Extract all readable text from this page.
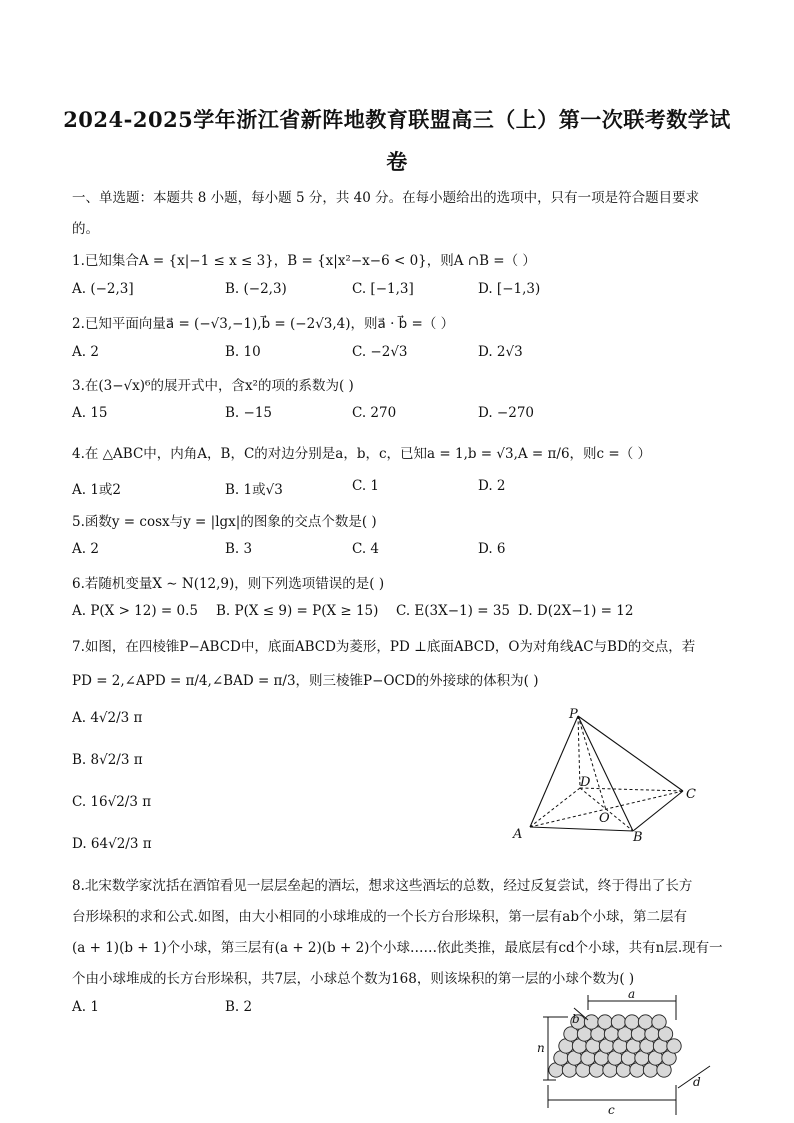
2024-2025学年浙江省新阵地教育联盟高三（上）第一次联考数学试
卷
一、单选题：本题共 8 小题，每小题 5 分，共 40 分。在每小题给出的选项中，只有一项是符合题目要求
的。
1.已知集合A = {x|−1 ≤ x ≤ 3}，B = {x|x²−x−6 < 0}，则A ∩B =（ ）
A. (−2,3]	B. (−2,3)	C. [−1,3]	D. [−1,3)
2.已知平面向量a⃗ = (−√3,−1),b⃗ = (−2√3,4)，则a⃗ · b⃗ =（ ）
A. 2	B. 10	C. −2√3	D. 2√3
3.在(3−√x)⁶的展开式中，含x²的项的系数为( )
A. 15	B. −15	C. 270	D. −270
4.在 △ABC中，内角A，B，C的对边分别是a，b，c，已知a = 1,b = √3,A = π/6，则c =（ ）
A. 1或2	B. 1或√3	C. 1	D. 2
5.函数y = cosx与y = |lgx|的图象的交点个数是( )
A. 2	B. 3	C. 4	D. 6
6.若随机变量X ∼ N(12,9)，则下列选项错误的是( )
A. P(X > 12) = 0.5 B. P(X ≤ 9) = P(X ≥ 15) C. E(3X−1) = 35 D. D(2X−1) = 12
7.如图，在四棱锥P−ABCD中，底面ABCD为菱形，PD ⊥底面ABCD，O为对角线AC与BD的交点，若
PD = 2,∠APD = π/4,∠BAD = π/3，则三棱锥P−OCD的外接球的体积为( )
A. 4√2/3 π
B. 8√2/3 π
C. 16√2/3 π
D. 64√2/3 π
P
D
C
O
A	B
8.北宋数学家沈括在酒馆看见一层层垒起的酒坛，想求这些酒坛的总数，经过反复尝试，终于得出了长方
台形垛积的求和公式.如图，由大小相同的小球堆成的一个长方台形垛积，第一层有ab个小球，第二层有
(a + 1)(b + 1)个小球，第三层有(a + 2)(b + 2)个小球……依此类推，最底层有cd个小球，共有n层.现有一
个由小球堆成的长方台形垛积，共7层，小球总个数为168，则该垛积的第一层的小球个数为( )
A. 1	B. 2
a
b
n
c
d
